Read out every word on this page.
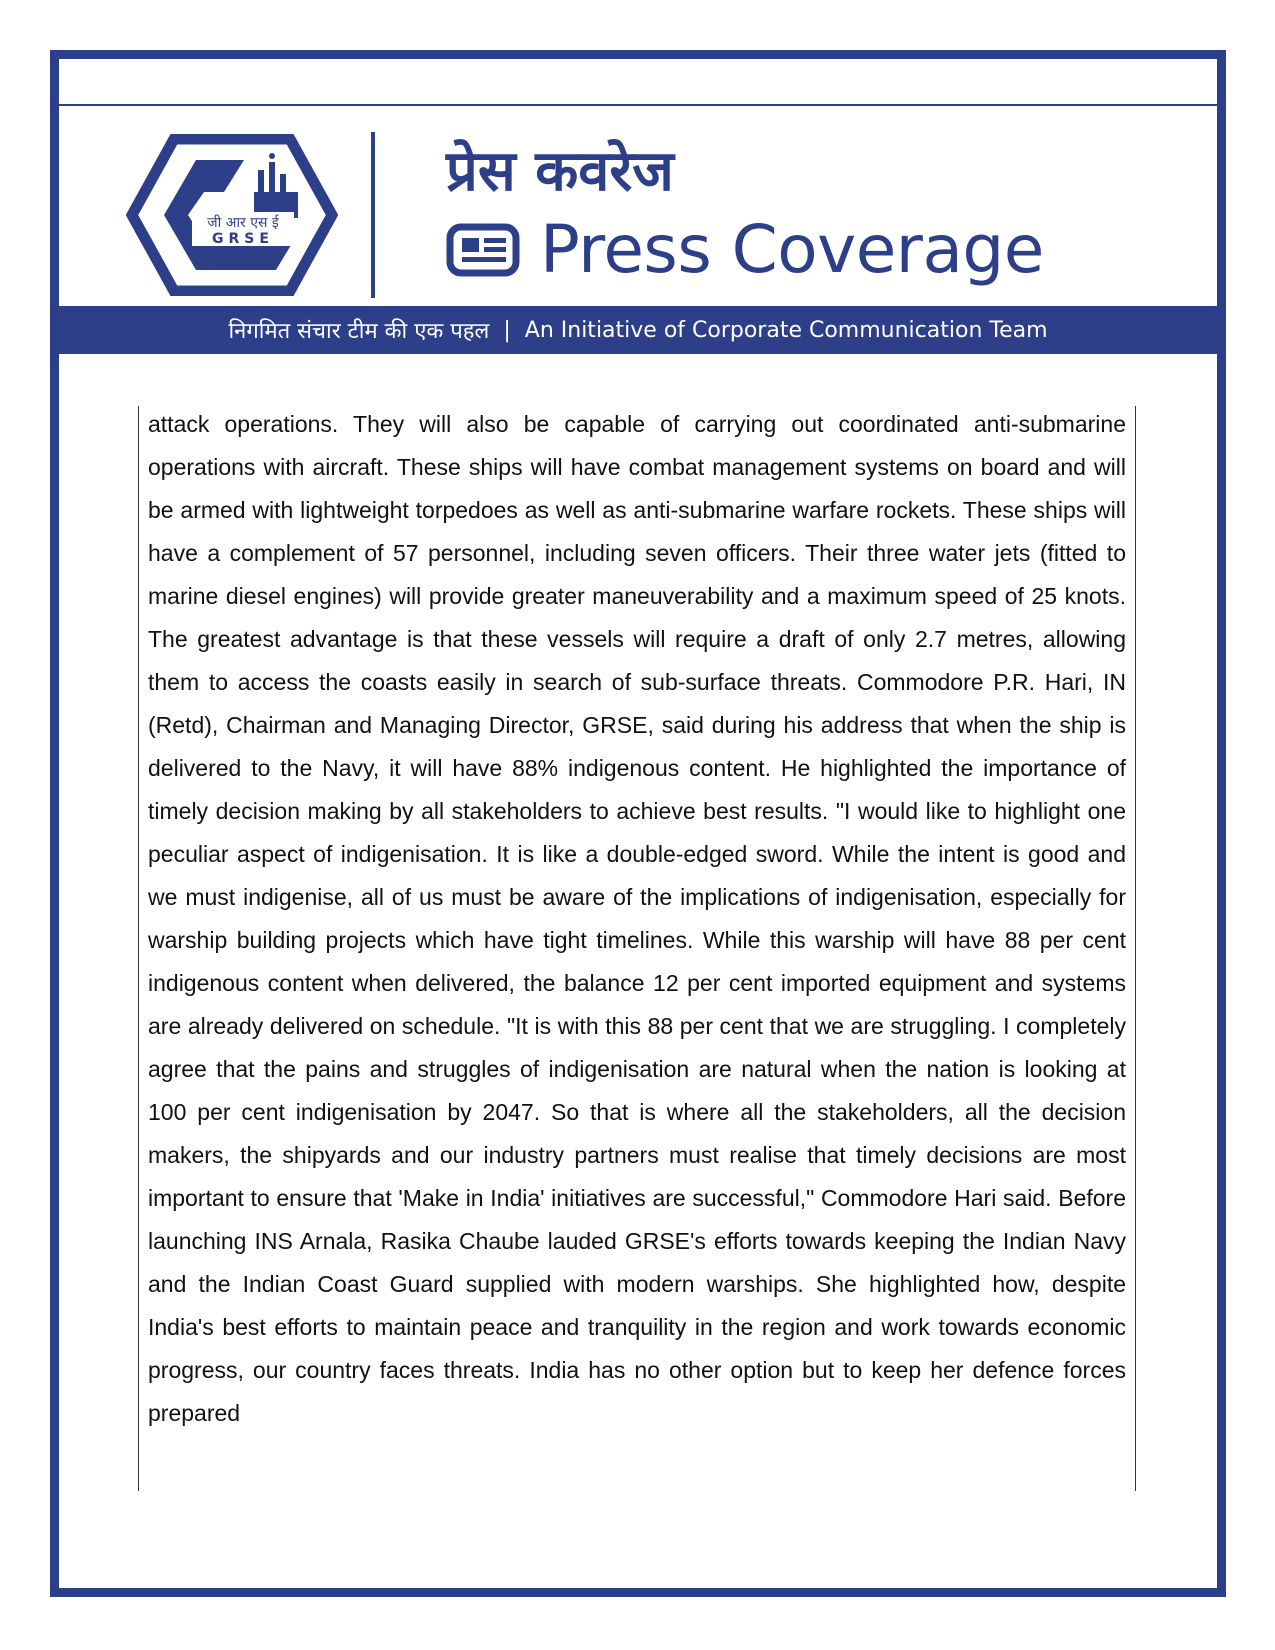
जी आर एस ई
GRSE
प्रेस कवरेज
Press Coverage
निगमित संचार टीम की एक पहल | An Initiative of Corporate Communication Team

attack operations. They will also be capable of carrying out coordinated anti-submarine operations with aircraft. These ships will have combat management systems on board and will be armed with lightweight torpedoes as well as anti-submarine warfare rockets. These ships will have a complement of 57 personnel, including seven officers. Their three water jets (fitted to marine diesel engines) will provide greater maneuverability and a maximum speed of 25 knots. The greatest advantage is that these vessels will require a draft of only 2.7 metres, allowing them to access the coasts easily in search of sub-surface threats. Commodore P.R. Hari, IN (Retd), Chairman and Managing Director, GRSE, said during his address that when the ship is delivered to the Navy, it will have 88% indigenous content. He highlighted the importance of timely decision making by all stakeholders to achieve best results. "I would like to highlight one peculiar aspect of indigenisation. It is like a double-edged sword. While the intent is good and we must indigenise, all of us must be aware of the implications of indigenisation, especially for warship building projects which have tight timelines. While this warship will have 88 per cent indigenous content when delivered, the balance 12 per cent imported equipment and systems are already delivered on schedule. "It is with this 88 per cent that we are struggling. I completely agree that the pains and struggles of indigenisation are natural when the nation is looking at 100 per cent indigenisation by 2047. So that is where all the stakeholders, all the decision makers, the shipyards and our industry partners must realise that timely decisions are most important to ensure that 'Make in India' initiatives are successful," Commodore Hari said. Before launching INS Arnala, Rasika Chaube lauded GRSE's efforts towards keeping the Indian Navy and the Indian Coast Guard supplied with modern warships. She highlighted how, despite India's best efforts to maintain peace and tranquility in the region and work towards economic progress, our country faces threats. India has no other option but to keep her defence forces prepared
